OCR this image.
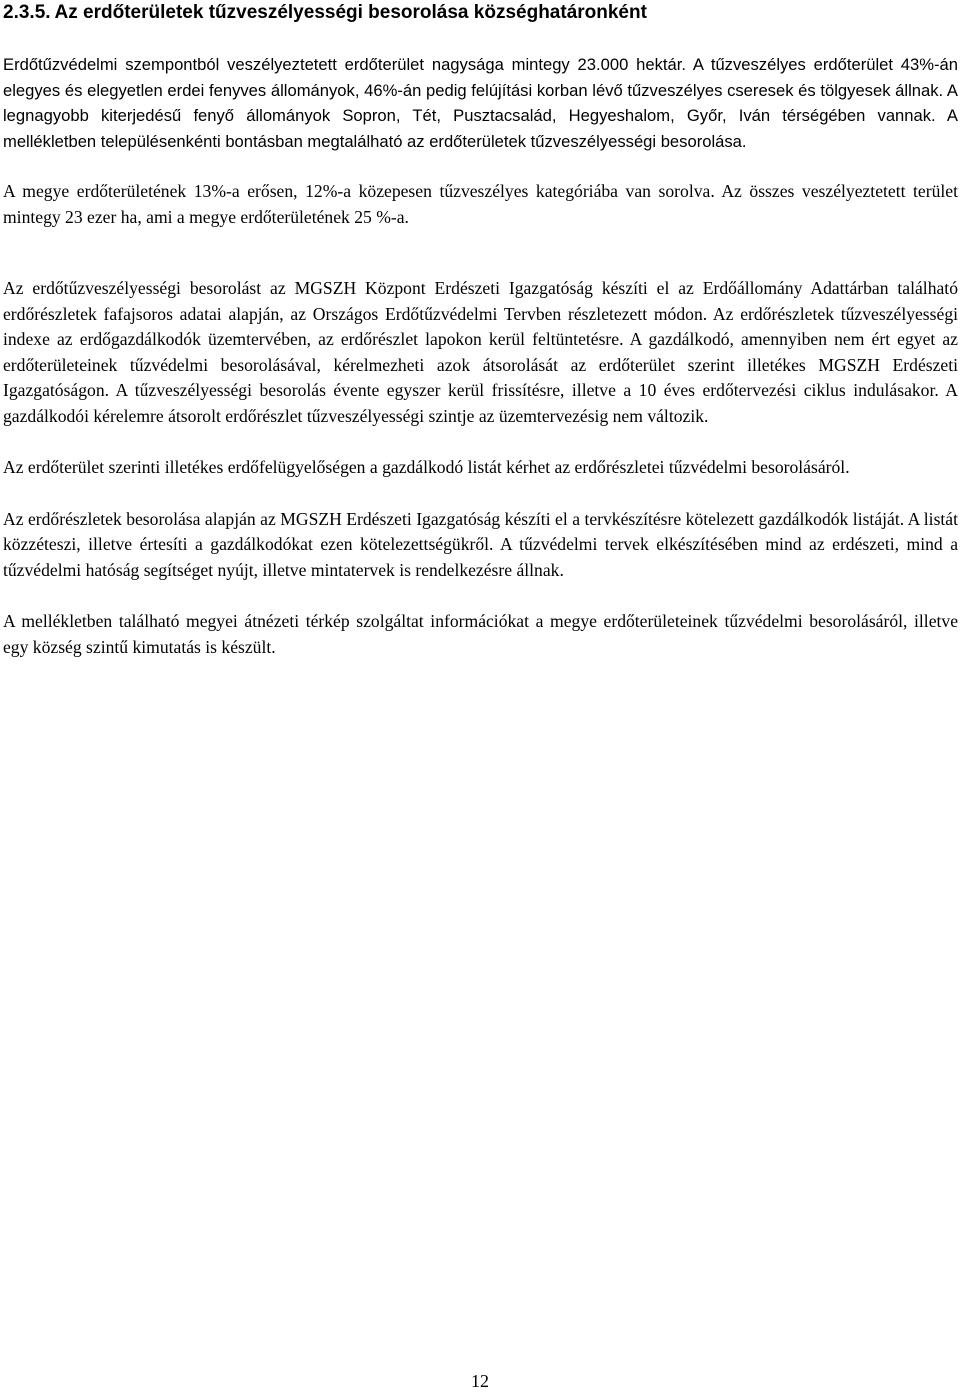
2.3.5. Az erdőterületek tűzveszélyességi besorolása községhatáronként

Erdőtűzvédelmi szempontból veszélyeztetett erdőterület nagysága mintegy 23.000 hektár. A tűzveszélyes erdőterület 43%-án elegyes és elegyetlen erdei fenyves állományok, 46%-án pedig felújítási korban lévő tűzveszélyes cseresek és tölgyesek állnak. A legnagyobb kiterjedésű fenyő állományok Sopron, Tét, Pusztacsalád, Hegyeshalom, Győr, Iván térségében vannak. A mellékletben településenkénti bontásban megtalálható az erdőterületek tűzveszélyességi besorolása.

A megye erdőterületének 13%-a erősen, 12%-a közepesen tűzveszélyes kategóriába van sorolva. Az összes veszélyeztetett terület mintegy 23 ezer ha, ami a megye erdőterületének 25 %-a.

Az erdőtűzveszélyességi besorolást az MGSZH Központ Erdészeti Igazgatóság készíti el az Erdőállomány Adattárban található erdőrészletek fafajsoros adatai alapján, az Országos Erdőtűzvédelmi Tervben részletezett módon. Az erdőrészletek tűzveszélyességi indexe az erdőgazdálkodók üzemtervében, az erdőrészlet lapokon kerül feltüntetésre. A gazdálkodó, amennyiben nem ért egyet az erdőterületeinek tűzvédelmi besorolásával, kérelmezheti azok átsorolását az erdőterület szerint illetékes MGSZH Erdészeti Igazgatóságon. A tűzveszélyességi besorolás évente egyszer kerül frissítésre, illetve a 10 éves erdőtervezési ciklus indulásakor. A gazdálkodói kérelemre átsorolt erdőrészlet tűzveszélyességi szintje az üzemtervezésig nem változik.

Az erdőterület szerinti illetékes erdőfelügyelőségen a gazdálkodó listát kérhet az erdőrészletei tűzvédelmi besorolásáról.

Az erdőrészletek besorolása alapján az MGSZH Erdészeti Igazgatóság készíti el a tervkészítésre kötelezett gazdálkodók listáját. A listát közzéteszi, illetve értesíti a gazdálkodókat ezen kötelezettségükről. A tűzvédelmi tervek elkészítésében mind az erdészeti, mind a tűzvédelmi hatóság segítséget nyújt, illetve mintatervek is rendelkezésre állnak.

A mellékletben található megyei átnézeti térkép szolgáltat információkat a megye erdőterületeinek tűzvédelmi besorolásáról, illetve egy község szintű kimutatás is készült.

12
